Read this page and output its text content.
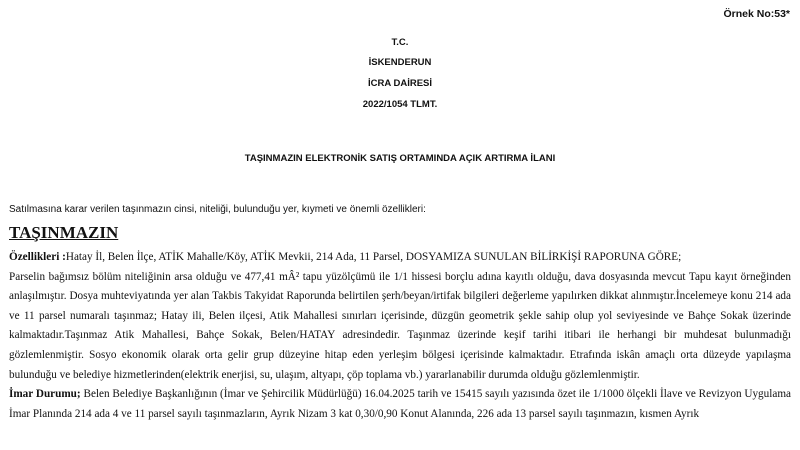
Örnek No:53*
T.C.
İSKENDERUN
İCRA DAİRESİ
2022/1054 TLMT.
TAŞINMAZIN ELEKTRONİK SATIŞ ORTAMINDA AÇIK ARTIRMA İLANI
Satılmasına karar verilen taşınmazın cinsi, niteliği, bulunduğu yer, kıymeti ve önemli özellikleri:
TAŞINMAZIN

Özellikleri :Hatay İl, Belen İlçe, ATİK Mahalle/Köy, ATİK Mevkii, 214 Ada, 11 Parsel, DOSYAMIZA SUNULAN BİLİRKİŞİ RAPORUNA GÖRE;

Parselin bağımsız bölüm niteliğinin arsa olduğu ve 477,41 mÂ² tapu yüzölçümü ile 1/1 hissesi borçlu adına kayıtlı olduğu, dava dosyasında mevcut Tapu kayıt örneğinden anlaşılmıştır. Dosya muhteviyatında yer alan Takbis Takyidat Raporunda belirtilen şerh/beyan/irtifak bilgileri değerleme yapılırken dikkat alınmıştır.İncelemeye konu 214 ada ve 11 parsel numaralı taşınmaz; Hatay ili, Belen ilçesi, Atik Mahallesi sınırları içerisinde, düzgün geometrik şekle sahip olup yol seviyesinde ve Bahçe Sokak üzerinde kalmaktadır.Taşınmaz Atik Mahallesi, Bahçe Sokak, Belen/HATAY adresindedir. Taşınmaz üzerinde keşif tarihi itibari ile herhangi bir muhdesat bulunmadığı gözlemlenmiştir. Sosyo ekonomik olarak orta gelir grup düzeyine hitap eden yerleşim bölgesi içerisinde kalmaktadır. Etrafında iskân amaçlı orta düzeyde yapılaşma bulunduğu ve belediye hizmetlerinden(elektrik enerjisi, su, ulaşım, altyapı, çöp toplama vb.) yararlanabilir durumda olduğu gözlemlenmiştir.

İmar Durumu; Belen Belediye Başkanlığının (İmar ve Şehircilik Müdürlüğü) 16.04.2025 tarih ve 15415 sayılı yazısında özet ile 1/1000 ölçekli İlave ve Revizyon Uygulama İmar Planında 214 ada 4 ve 11 parsel sayılı taşınmazların, Ayrık Nizam 3 kat 0,30/0,90 Konut Alanında, 226 ada 13 parsel sayılı taşınmazın, kısmen Ayrık
